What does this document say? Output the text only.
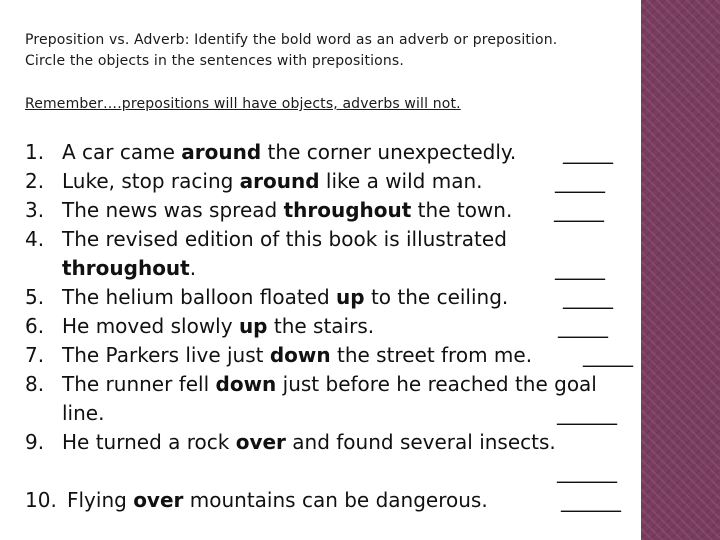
Preposition vs. Adverb: Identify the bold word as an adverb or preposition.
Circle the objects in the sentences with prepositions.
Remember….prepositions will have objects, adverbs will not.
1. A car came around the corner unexpectedly. _____
2. Luke, stop racing around like a wild man.	_____
3. The news was spread throughout the town. _____
4. The revised edition of this book is illustrated
throughout.	_____
5. The helium balloon floated up to the ceiling.	_____
6. He moved slowly up the stairs.	_____
7. The Parkers live just down the street from me.	_____
8. The runner fell down just before he reached the goal
line.	______
9. He turned a rock over and found several insects.
______
10. Flying over mountains can be dangerous.	______
